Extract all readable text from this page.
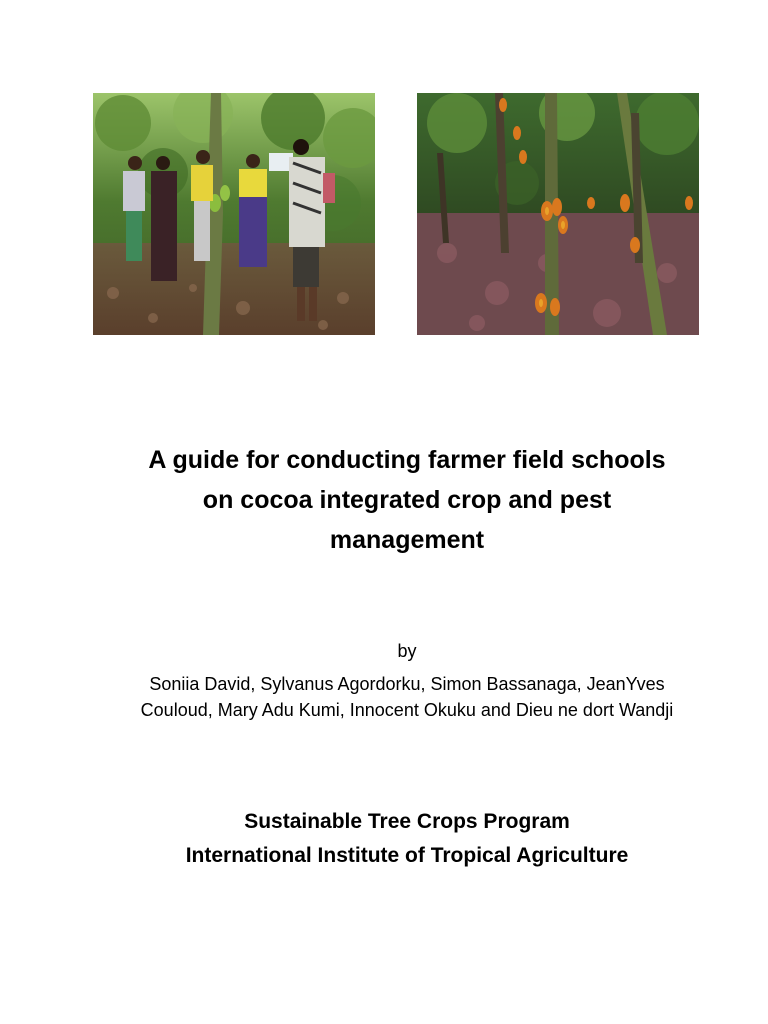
A guide for conducting farmer field schools
on cocoa integrated crop and pest
management
by
Soniia David, Sylvanus Agordorku, Simon Bassanaga, JeanYves
Couloud, Mary Adu Kumi, Innocent Okuku and Dieu ne dort Wandji
Sustainable Tree Crops Program
International Institute of Tropical Agriculture
